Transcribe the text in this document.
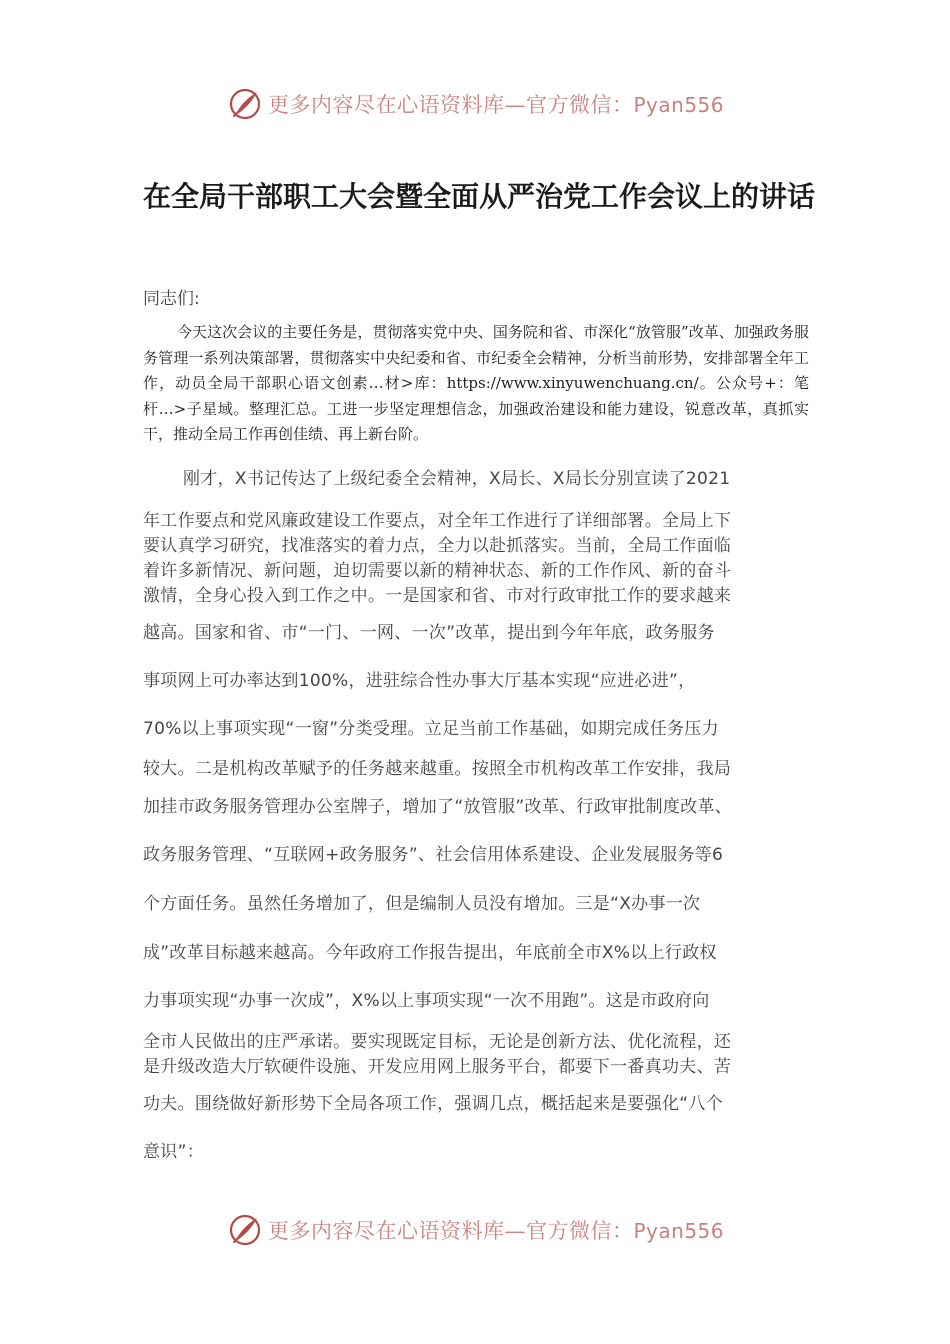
更多内容尽在心语资料库—官方微信：Pyan556
在全局干部职工大会暨全面从严治党工作会议上的讲话

同志们:

今天这次会议的主要任务是，贯彻落实党中央、国务院和省、市深化“放管服”改革、加强政务服务管理一系列决策部署，贯彻落实中央纪委和省、市纪委全会精神，分析当前形势，安排部署全年工作，动员全局干部职心语文创素…材>库：https://www.xinyuwenchuang.cn/。公众号+：笔杆…>子星域。整理汇总。工进一步坚定理想信念，加强政治建设和能力建设，锐意改革，真抓实干，推动全局工作再创佳绩、再上新台阶。

刚才，X书记传达了上级纪委全会精神，X局长、X局长分别宣读了2021
年工作要点和党风廉政建设工作要点，对全年工作进行了详细部署。全局上下
要认真学习研究，找准落实的着力点，全力以赴抓落实。当前，全局工作面临
着许多新情况、新问题，迫切需要以新的精神状态、新的工作作风、新的奋斗
激情，全身心投入到工作之中。一是国家和省、市对行政审批工作的要求越来
越高。国家和省、市“一门、一网、一次”改革，提出到今年年底，政务服务
事项网上可办率达到100%，进驻综合性办事大厅基本实现“应进必进”，
70%以上事项实现“一窗”分类受理。立足当前工作基础，如期完成任务压力
较大。二是机构改革赋予的任务越来越重。按照全市机构改革工作安排，我局
加挂市政务服务管理办公室牌子，增加了“放管服”改革、行政审批制度改革、
政务服务管理、“互联网+政务服务”、社会信用体系建设、企业发展服务等6
个方面任务。虽然任务增加了，但是编制人员没有增加。三是“X办事一次
成”改革目标越来越高。今年政府工作报告提出，年底前全市X%以上行政权
力事项实现“办事一次成”，X%以上事项实现“一次不用跑”。这是市政府向
全市人民做出的庄严承诺。要实现既定目标，无论是创新方法、优化流程，还
是升级改造大厅软硬件设施、开发应用网上服务平台，都要下一番真功夫、苦
功夫。围绕做好新形势下全局各项工作，强调几点，概括起来是要强化“八个
意识”：
更多内容尽在心语资料库—官方微信：Pyan556
